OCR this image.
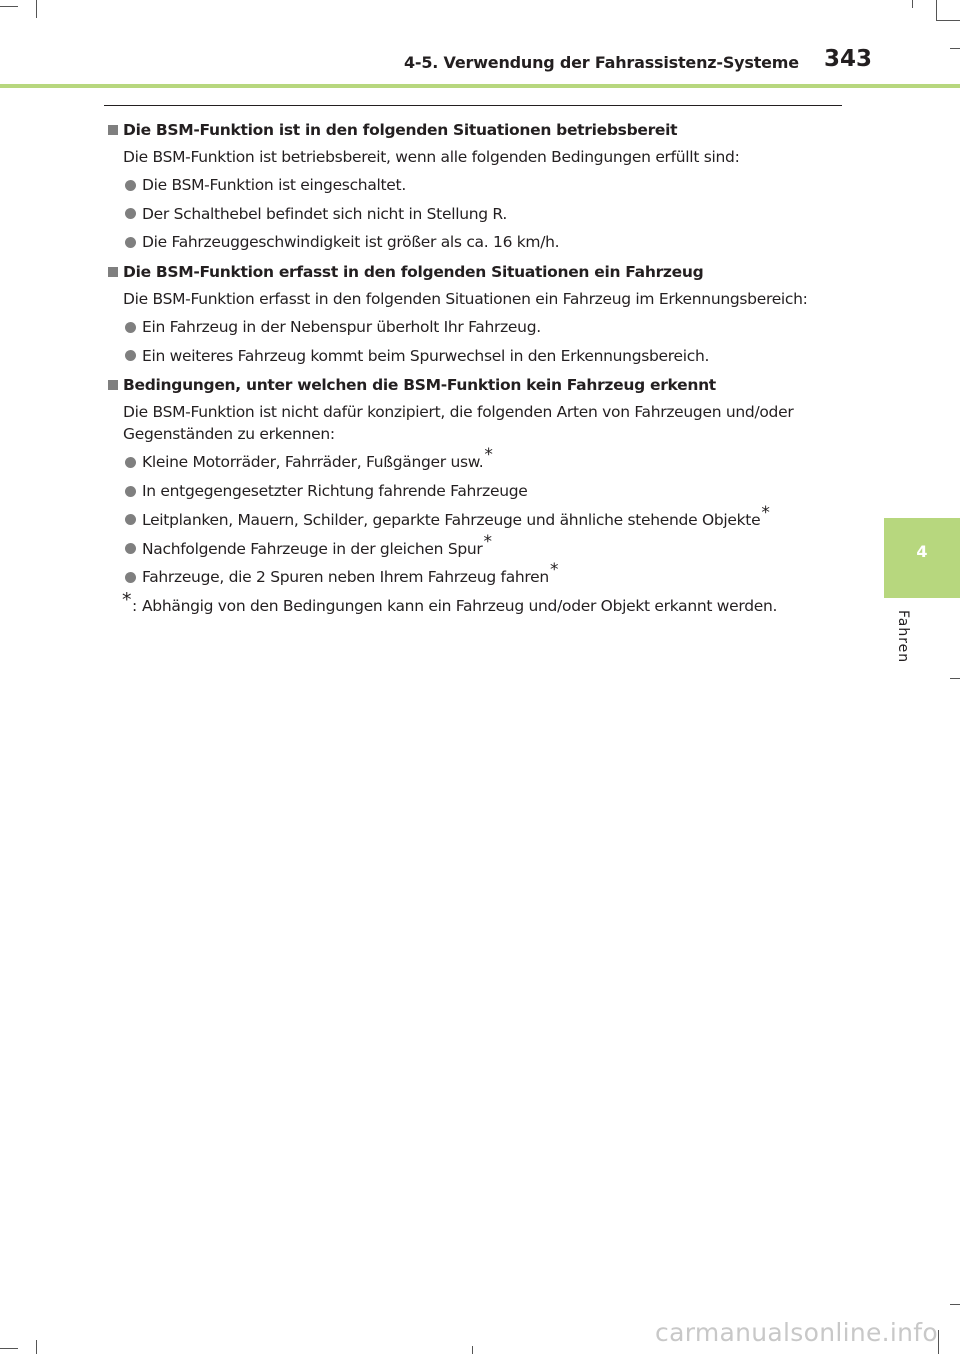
4-5. Verwendung der Fahrassistenz-Systeme 343
4
Fahren
Die BSM-Funktion ist in den folgenden Situationen betriebsbereit
Die BSM-Funktion ist betriebsbereit, wenn alle folgenden Bedingungen erfüllt sind:
Die BSM-Funktion ist eingeschaltet.
Der Schalthebel befindet sich nicht in Stellung R.
Die Fahrzeuggeschwindigkeit ist größer als ca. 16 km/h.
Die BSM-Funktion erfasst in den folgenden Situationen ein Fahrzeug
Die BSM-Funktion erfasst in den folgenden Situationen ein Fahrzeug im Erkennungsbereich:
Ein Fahrzeug in der Nebenspur überholt Ihr Fahrzeug.
Ein weiteres Fahrzeug kommt beim Spurwechsel in den Erkennungsbereich.
Bedingungen, unter welchen die BSM-Funktion kein Fahrzeug erkennt
Die BSM-Funktion ist nicht dafür konzipiert, die folgenden Arten von Fahrzeugen und/oder Gegenständen zu erkennen:
Kleine Motorräder, Fahrräder, Fußgänger usw.*
In entgegengesetzter Richtung fahrende Fahrzeuge
Leitplanken, Mauern, Schilder, geparkte Fahrzeuge und ähnliche stehende Objekte*
Nachfolgende Fahrzeuge in der gleichen Spur*
Fahrzeuge, die 2 Spuren neben Ihrem Fahrzeug fahren*
* : Abhängig von den Bedingungen kann ein Fahrzeug und/oder Objekt erkannt werden.
carmanualsonline.info
